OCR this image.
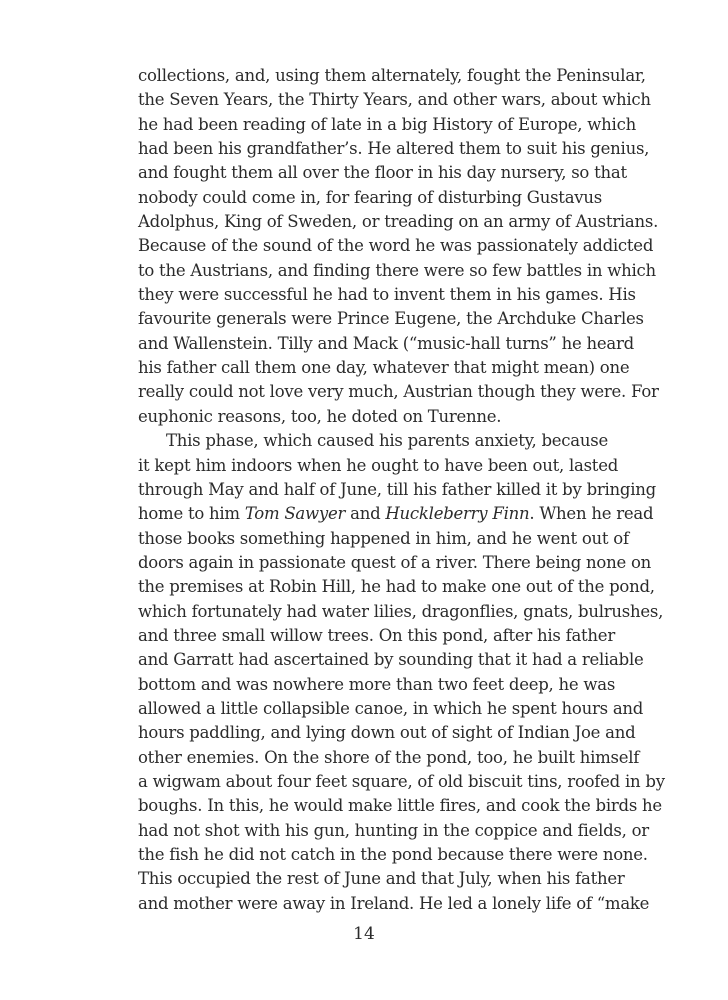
collections, and, using them alternately, fought the Peninsular,
the Seven Years, the Thirty Years, and other wars, about which
he had been reading of late in a big History of Europe, which
had been his grandfather’s. He altered them to suit his genius,
and fought them all over the floor in his day nursery, so that
nobody could come in, for fearing of disturbing Gustavus
Adolphus, King of Sweden, or treading on an army of Austrians.
Because of the sound of the word he was passionately addicted
to the Austrians, and finding there were so few battles in which
they were successful he had to invent them in his games. His
favourite generals were Prince Eugene, the Archduke Charles
and Wallenstein. Tilly and Mack (“music-hall turns” he heard
his father call them one day, whatever that might mean) one
really could not love very much, Austrian though they were. For
euphonic reasons, too, he doted on Turenne.
This phase, which caused his parents anxiety, because
it kept him indoors when he ought to have been out, lasted
through May and half of June, till his father killed it by bringing
home to him Tom Sawyer and Huckleberry Finn. When he read
those books something happened in him, and he went out of
doors again in passionate quest of a river. There being none on
the premises at Robin Hill, he had to make one out of the pond,
which fortunately had water lilies, dragonflies, gnats, bulrushes,
and three small willow trees. On this pond, after his father
and Garratt had ascertained by sounding that it had a reliable
bottom and was nowhere more than two feet deep, he was
allowed a little collapsible canoe, in which he spent hours and
hours paddling, and lying down out of sight of Indian Joe and
other enemies. On the shore of the pond, too, he built himself
a wigwam about four feet square, of old biscuit tins, roofed in by
boughs. In this, he would make little fires, and cook the birds he
had not shot with his gun, hunting in the coppice and fields, or
the fish he did not catch in the pond because there were none.
This occupied the rest of June and that July, when his father
and mother were away in Ireland. He led a lonely life of “make
14
